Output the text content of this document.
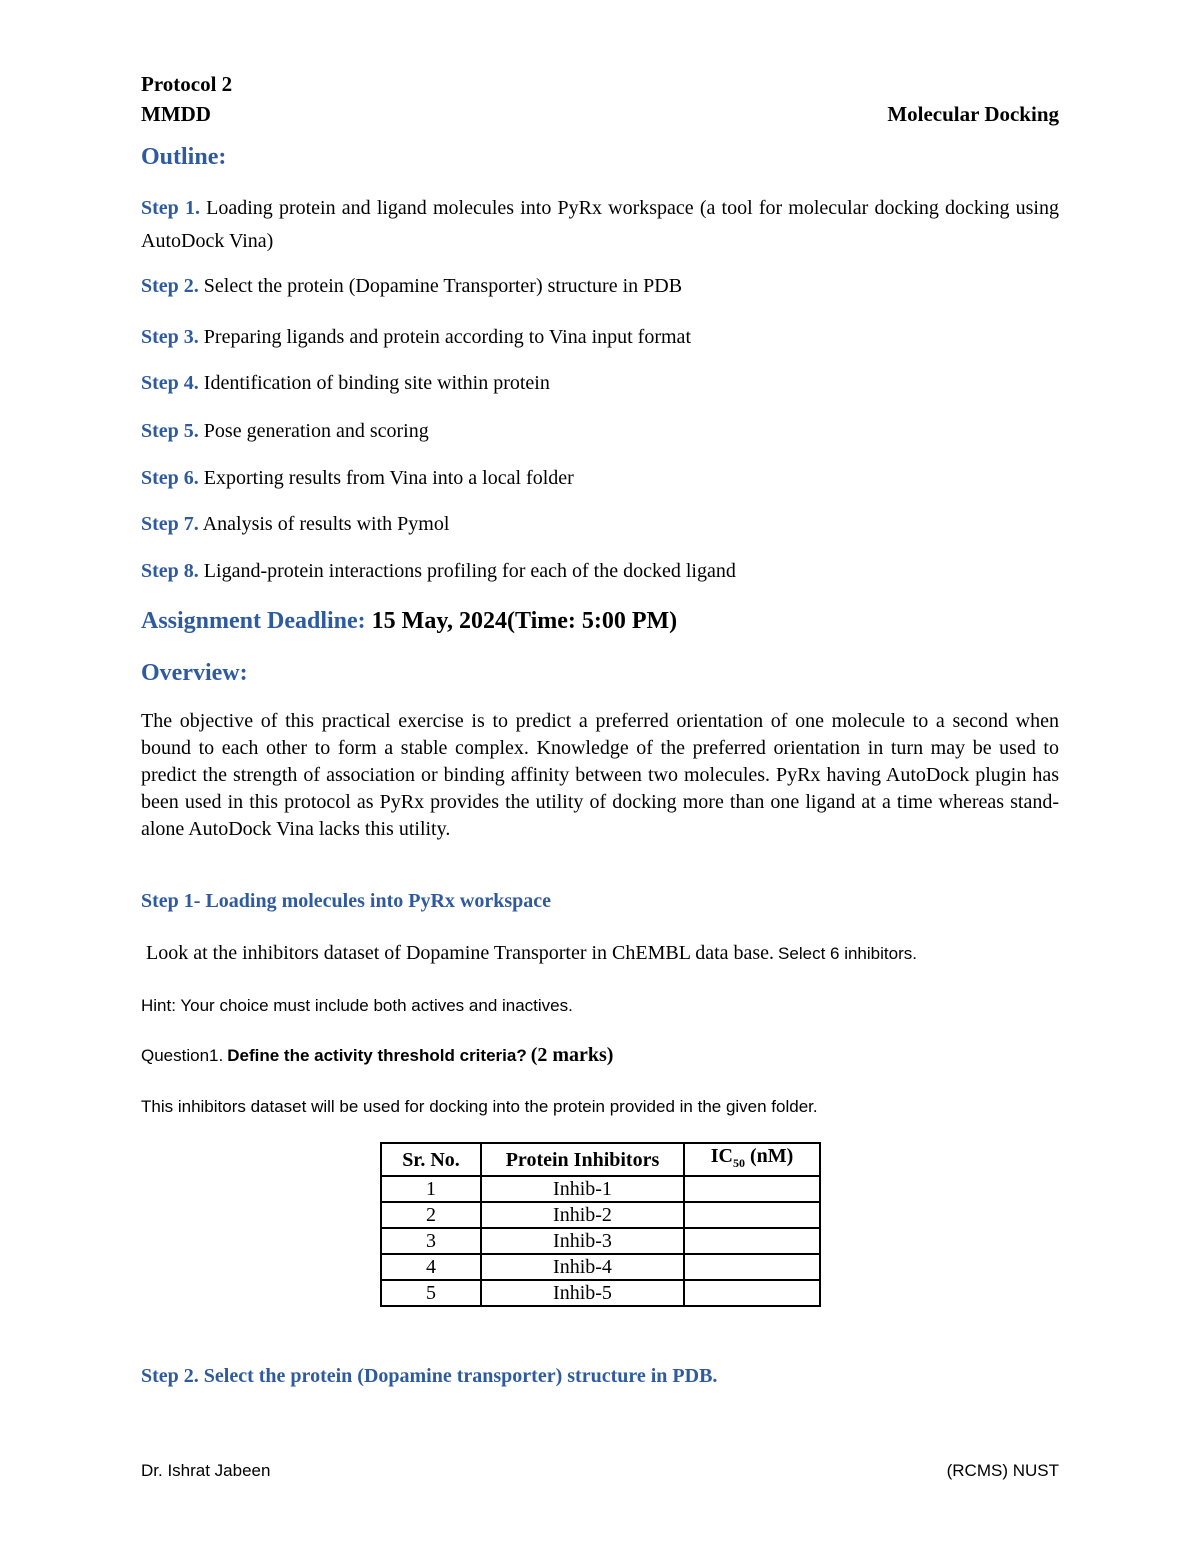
Protocol 2
MMDD	Molecular Docking
Outline:
Step 1. Loading protein and ligand molecules into PyRx workspace (a tool for molecular docking docking using AutoDock Vina)
Step 2. Select the protein (Dopamine Transporter) structure in PDB
Step 3. Preparing ligands and protein according to Vina input format
Step 4. Identification of binding site within protein
Step 5. Pose generation and scoring
Step 6. Exporting results from Vina into a local folder
Step 7. Analysis of results with Pymol
Step 8. Ligand-protein interactions profiling for each of the docked ligand
Assignment Deadline: 15 May, 2024(Time: 5:00 PM)
Overview:
The objective of this practical exercise is to predict a preferred orientation of one molecule to a second when bound to each other to form a stable complex. Knowledge of the preferred orientation in turn may be used to predict the strength of association or binding affinity between two molecules. PyRx having AutoDock plugin has been used in this protocol as PyRx provides the utility of docking more than one ligand at a time whereas stand-alone AutoDock Vina lacks this utility.
Step 1- Loading molecules into PyRx workspace
Look at the inhibitors dataset of Dopamine Transporter in ChEMBL data base. Select 6 inhibitors.
Hint: Your choice must include both actives and inactives.
Question1. Define the activity threshold criteria? (2 marks)
This inhibitors dataset will be used for docking into the protein provided in the given folder.
Sr. No.	Protein Inhibitors	$IC_{50}$ (nM)
1	Inhib-1	
2	Inhib-2	
3	Inhib-3	
4	Inhib-4	
5	Inhib-5	
Step 2. Select the protein (Dopamine transporter) structure in PDB.
Dr. Ishrat Jabeen	(RCMS) NUST
